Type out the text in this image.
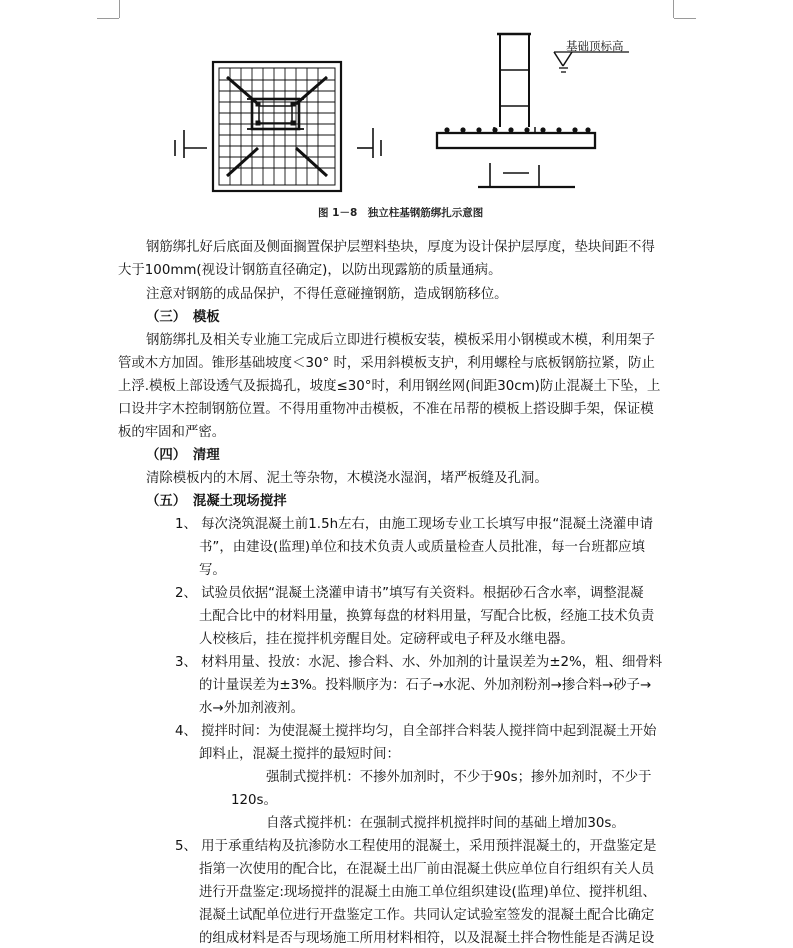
基础顶标高
图 1－8　独立柱基钢筋绑扎示意图
钢筋绑扎好后底面及侧面搁置保护层塑料垫块，厚度为设计保护层厚度，垫块间距不得
大于100mm(视设计钢筋直径确定)，以防出现露筋的质量通病。
注意对钢筋的成品保护，不得任意碰撞钢筋，造成钢筋移位。
（三）　模板
钢筋绑扎及相关专业施工完成后立即进行模板安装，模板采用小钢模或木模，利用架子
管或木方加固。锥形基础坡度＜30° 时，采用斜模板支护，利用螺栓与底板钢筋拉紧，防止
上浮.模板上部设透气及振捣孔，坡度≤30°时，利用钢丝网(间距30cm)防止混凝土下坠，上
口设井字木控制钢筋位置。不得用重物冲击模板，不准在吊帮的模板上搭设脚手架，保证模
板的牢固和严密。
（四）　清理
清除模板内的木屑、泥土等杂物，木模浇水湿润，堵严板缝及孔洞。
（五）　混凝土现场搅拌
1、 每次浇筑混凝土前1.5h左右，由施工现场专业工长填写申报“混凝土浇灌申请
书”，由建设(监理)单位和技术负责人或质量检查人员批准，每一台班都应填
写。
2、 试验员依据“混凝土浇灌申请书”填写有关资料。根据砂石含水率，调整混凝
土配合比中的材料用量，换算每盘的材料用量，写配合比板，经施工技术负责
人校核后，挂在搅拌机旁醒目处。定磅秤或电子秤及水继电器。
3、 材料用量、投放：水泥、掺合料、水、外加剂的计量误差为±2%，粗、细骨料
的计量误差为±3%。投料顺序为：石子→水泥、外加剂粉剂→掺合料→砂子→
水→外加剂液剂。
4、 搅拌时间：为使混凝土搅拌均匀，自全部拌合料装人搅拌筒中起到混凝土开始
卸料止，混凝土搅拌的最短时间：
强制式搅拌机：不掺外加剂时，不少于90s；掺外加剂时，不少于
120s。
自落式搅拌机：在强制式搅拌机搅拌时间的基础上增加30s。
5、 用于承重结构及抗渗防水工程使用的混凝土，采用预拌混凝土的，开盘鉴定是
指第一次使用的配合比，在混凝土出厂前由混凝土供应单位自行组织有关人员
进行开盘鉴定:现场搅拌的混凝土由施工单位组织建设(监理)单位、搅拌机组、
混凝土试配单位进行开盘鉴定工作。共同认定试验室签发的混凝土配合比确定
的组成材料是否与现场施工所用材料相符，以及混凝土拌合物性能是否满足设
